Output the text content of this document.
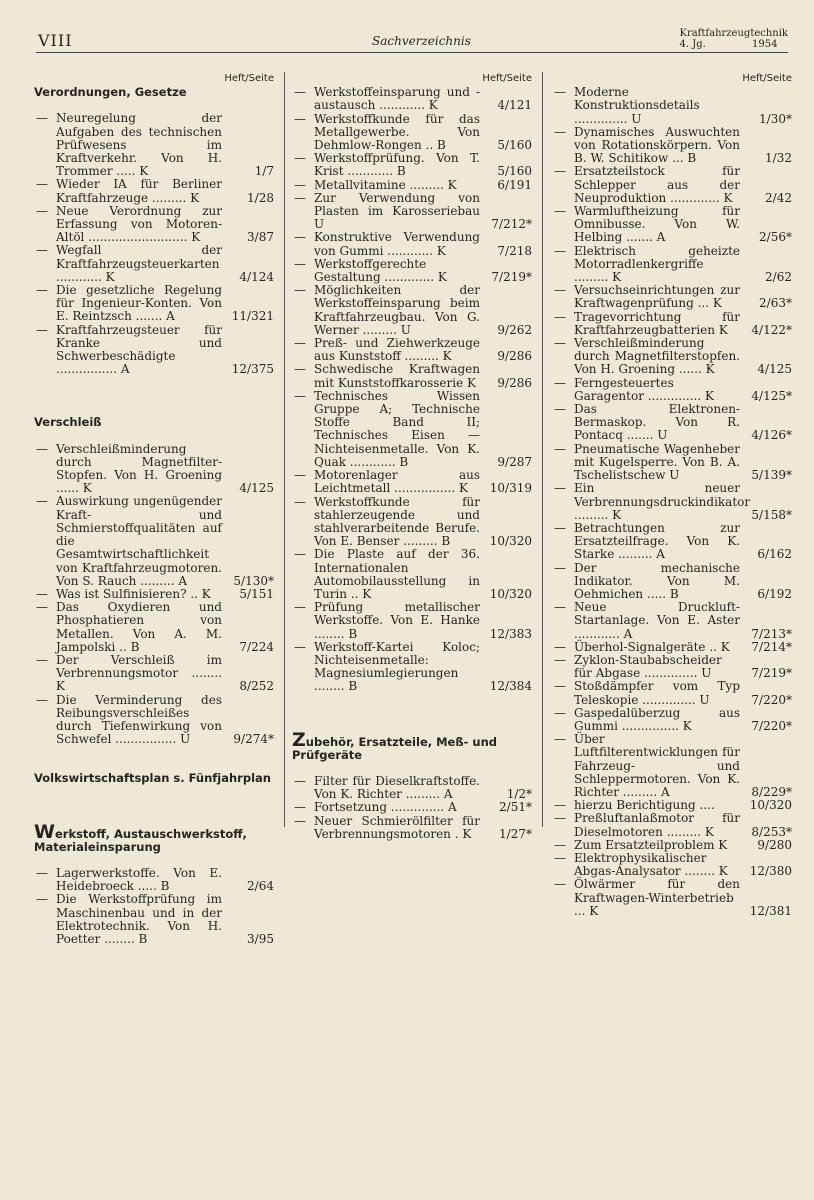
VIII	Sachverzeichnis
Kraftfahrzeugtechnik
4. Jg.	1954
Heft/Seite
Verordnungen, Gesetze
— Neuregelung der Aufgaben des technischen Prüfwesens im Kraftverkehr. Von H. Trommer ..... K	1/7
— Wieder IA für Berliner Kraftfahrzeuge ......... K	1/28
— Neue Verordnung zur Erfassung von Motoren-Altöl .......................... K	3/87
— Wegfall der Kraftfahrzeugsteuerkarten ............ K	4/124
— Die gesetzliche Regelung für Ingenieur-Konten. Von E. Reintzsch ....... A	11/321
— Kraftfahrzeugsteuer für Kranke und Schwerbeschädigte ................ A	12/375
Verschleiß
— Verschleißminderung durch Magnetfilter-Stopfen. Von H. Groening ...... K	4/125
— Auswirkung ungenügender Kraft- und Schmierstoffqualitäten auf die Gesamtwirtschaftlichkeit von Kraftfahrzeugmotoren. Von S. Rauch ......... A	5/130*
— Was ist Sulfinisieren? .. K	5/151
— Das Oxydieren und Phosphatieren von Metallen. Von A. M. Jampolski .. B	7/224
— Der Verschleiß im Verbrennungsmotor ........ K	8/252
— Die Verminderung des Reibungsverschleißes durch Tiefenwirkung von Schwefel ................ U	9/274*
Volkswirtschaftsplan s. Fünfjahrplan
Werkstoff, Austauschwerkstoff, Materialeinsparung
— Lagerwerkstoffe. Von E. Heidebroeck ..... B	2/64
— Die Werkstoffprüfung im Maschinenbau und in der Elektrotechnik. Von H. Poetter ........ B	3/95
Heft/Seite
— Werkstoffeinsparung und -austausch ............ K	4/121
— Werkstoffkunde für das Metallgewerbe. Von Dehmlow-Rongen .. B	5/160
— Werkstoffprüfung. Von T. Krist ............ B	5/160
— Metallvitamine ......... K	6/191
— Zur Verwendung von Plasten im Karosseriebau U	7/212*
— Konstruktive Verwendung von Gummi ............ K	7/218
— Werkstoffgerechte Gestaltung ............. K	7/219*
— Möglichkeiten der Werkstoffeinsparung beim Kraftfahrzeugbau. Von G. Werner ......... U	9/262
— Preß- und Ziehwerkzeuge aus Kunststoff ......... K	9/286
— Schwedische Kraftwagen mit Kunststoffkarosserie K	9/286
— Technisches Wissen Gruppe A; Technische Stoffe Band II; Technisches Eisen — Nichteisenmetalle. Von K. Quak ............ B	9/287
— Motorenlager aus Leichtmetall ................ K	10/319
— Werkstoffkunde für stahlerzeugende und stahlverarbeitende Berufe. Von E. Benser ......... B	10/320
— Die Plaste auf der 36. Internationalen Automobilausstellung in Turin .. K	10/320
— Prüfung metallischer Werkstoffe. Von E. Hanke ........ B	12/383
— Werkstoff-Kartei Koloc; Nichteisenmetalle: Magnesiumlegierungen ........ B	12/384
Zubehör, Ersatzteile, Meß- und Prüfgeräte
— Filter für Dieselkraftstoffe. Von K. Richter ......... A	1/2*
— Fortsetzung .............. A	2/51*
— Neuer Schmierölfilter für Verbrennungsmotoren . K	1/27*
Heft/Seite
— Moderne Konstruktionsdetails .............. U	1/30*
— Dynamisches Auswuchten von Rotationskörpern. Von B. W. Schitikow ... B	1/32
— Ersatzteilstock für Schlepper aus der Neuproduktion ............. K	2/42
— Warmluftheizung für Omnibusse. Von W. Helbing ....... A	2/56*
— Elektrisch geheizte Motorradlenkergriffe ......... K	2/62
— Versuchseinrichtungen zur Kraftwagenprüfung ... K	2/63*
— Tragevorrichtung für Kraftfahrzeugbatterien K	4/122*
— Verschleißminderung durch Magnetfilterstopfen. Von H. Groening ...... K	4/125
— Ferngesteuertes Garagentor .............. K	4/125*
— Das Elektronen-Bermaskop. Von R. Pontacq ....... U	4/126*
— Pneumatische Wagenheber mit Kugelsperre. Von B. A. Tschelistschew U	5/139*
— Ein neuer Verbrennungsdruckindikator ......... K	5/158*
— Betrachtungen zur Ersatzteilfrage. Von K. Starke ......... A	6/162
— Der mechanische Indikator. Von M. Oehmichen ..... B	6/192
— Neue Druckluft-Startanlage. Von E. Aster ............ A	7/213*
— Überhol-Signalgeräte .. K	7/214*
— Zyklon-Staubabscheider für Abgase .............. U	7/219*
— Stoßdämpfer vom Typ Teleskopie .............. U	7/220*
— Gaspedalüberzug aus Gummi ............... K	7/220*
— Über Luftfilterentwicklungen für Fahrzeug- und Schleppermotoren. Von K. Richter ......... A	8/229*
— hierzu Berichtigung ....	10/320
— Preßluftanlaßmotor für Dieselmotoren ......... K	8/253*
— Zum Ersatzteilproblem K	9/280
— Elektrophysikalischer Abgas-Analysator ........ K	12/380
— Ölwärmer für den Kraftwagen-Winterbetrieb ... K	12/381
